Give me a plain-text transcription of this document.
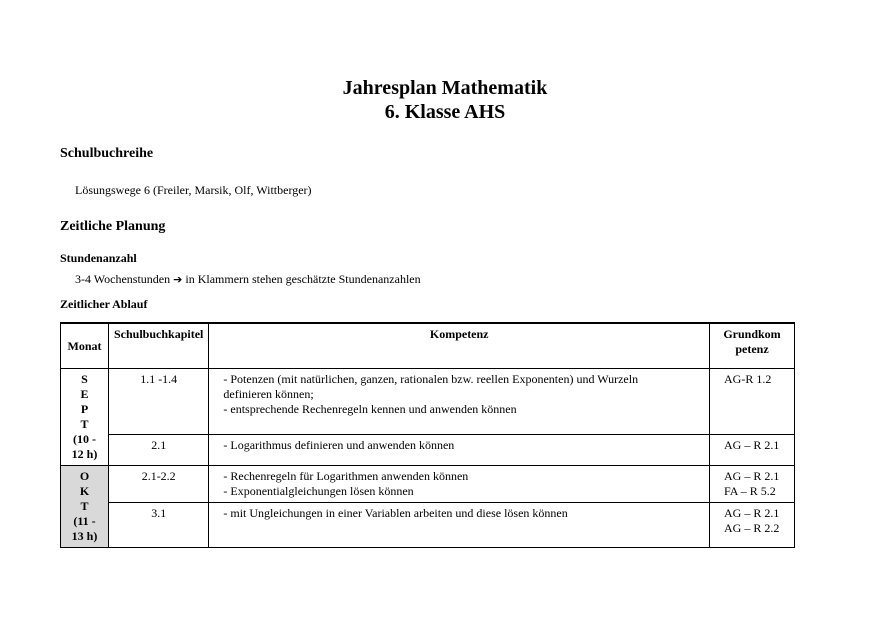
Jahresplan Mathematik
6. Klasse AHS
Schulbuchreihe
Lösungswege 6 (Freiler, Marsik, Olf, Wittberger)
Zeitliche Planung
Stundenanzahl
3-4 Wochenstunden ➔ in Klammern stehen geschätzte Stundenanzahlen
Zeitlicher Ablauf
Monat	Schulbuchkapitel	Kompetenz	Grundkom
petenz

S
E
P
T
(10 - 12 h)	1.1 -1.4	- Potenzen (mit natürlichen, ganzen, rationalen bzw. reellen Exponenten) und Wurzeln
definieren können;
- entsprechende Rechenregeln kennen und anwenden können	AG-R 1.2

	2.1	- Logarithmus definieren und anwenden können	AG – R 2.1

O
K
T
(11 - 13 h)	2.1-2.2	- Rechenregeln für Logarithmen anwenden können
- Exponentialgleichungen lösen können	AG – R 2.1
FA – R 5.2

	3.1	- mit Ungleichungen in einer Variablen arbeiten und diese lösen können	AG – R 2.1
AG – R 2.2
